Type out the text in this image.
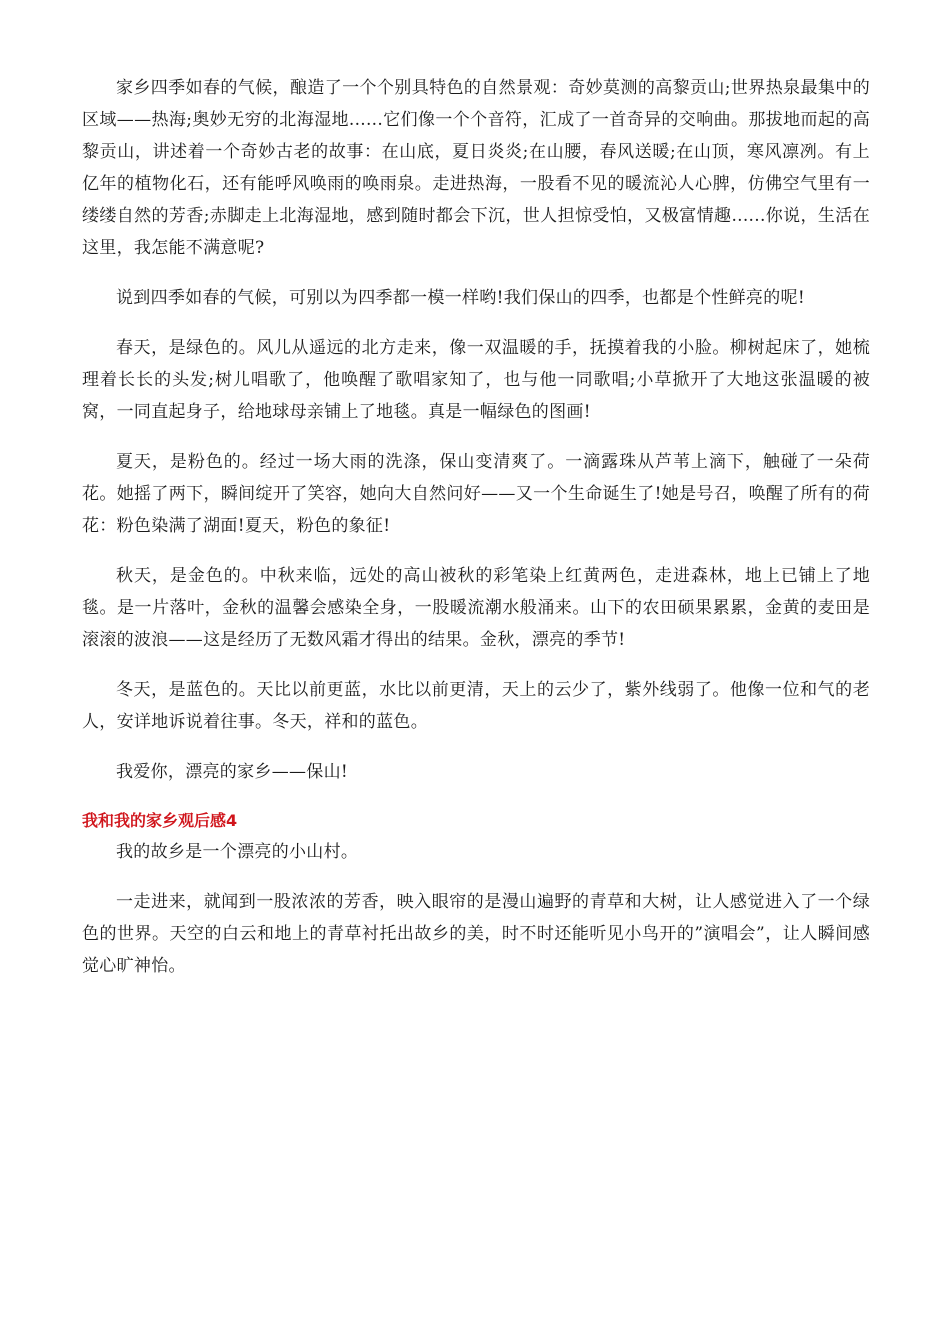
家乡四季如春的气候，酿造了一个个别具特色的自然景观：奇妙莫测的高黎贡山;世界热泉最集中的区域——热海;奥妙无穷的北海湿地......它们像一个个音符，汇成了一首奇异的交响曲。那拔地而起的高黎贡山，讲述着一个奇妙古老的故事：在山底，夏日炎炎;在山腰，春风送暖;在山顶，寒风凛冽。有上亿年的植物化石，还有能呼风唤雨的唤雨泉。走进热海，一股看不见的暖流沁人心脾，仿佛空气里有一缕缕自然的芳香;赤脚走上北海湿地，感到随时都会下沉，世人担惊受怕，又极富情趣......你说，生活在这里，我怎能不满意呢?

说到四季如春的气候，可别以为四季都一模一样哟!我们保山的四季，也都是个性鲜亮的呢!

春天，是绿色的。风儿从遥远的北方走来，像一双温暖的手，抚摸着我的小脸。柳树起床了，她梳理着长长的头发;树儿唱歌了，他唤醒了歌唱家知了，也与他一同歌唱;小草掀开了大地这张温暖的被窝，一同直起身子，给地球母亲铺上了地毯。真是一幅绿色的图画!

夏天，是粉色的。经过一场大雨的洗涤，保山变清爽了。一滴露珠从芦苇上滴下，触碰了一朵荷花。她摇了两下，瞬间绽开了笑容，她向大自然问好——又一个生命诞生了!她是号召，唤醒了所有的荷花：粉色染满了湖面!夏天，粉色的象征!

秋天，是金色的。中秋来临，远处的高山被秋的彩笔染上红黄两色，走进森林，地上已铺上了地毯。是一片落叶，金秋的温馨会感染全身，一股暖流潮水般涌来。山下的农田硕果累累，金黄的麦田是滚滚的波浪——这是经历了无数风霜才得出的结果。金秋，漂亮的季节!

冬天，是蓝色的。天比以前更蓝，水比以前更清，天上的云少了，紫外线弱了。他像一位和气的老人，安详地诉说着往事。冬天，祥和的蓝色。

我爱你，漂亮的家乡——保山!

我和我的家乡观后感4

我的故乡是一个漂亮的小山村。

一走进来，就闻到一股浓浓的芳香，映入眼帘的是漫山遍野的青草和大树，让人感觉进入了一个绿色的世界。天空的白云和地上的青草衬托出故乡的美，时不时还能听见小鸟开的”演唱会”，让人瞬间感觉心旷神怡。
